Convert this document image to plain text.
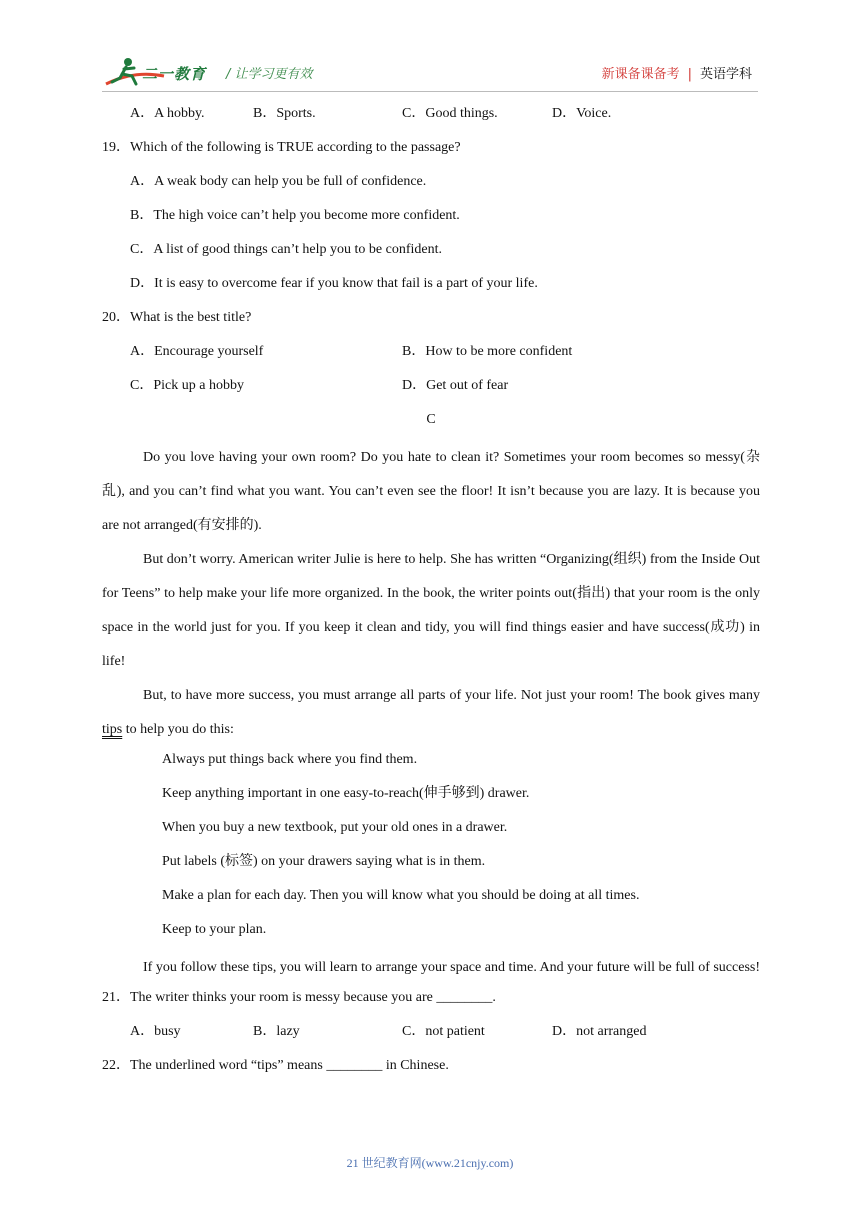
二一教育 / 让学习更有效	新课备课备考 | 英语学科
A．A hobby.	B．Sports.	C．Good things.	D．Voice.
19．Which of the following is TRUE according to the passage?
A．A weak body can help you be full of confidence.
B．The high voice can’t help you become more confident.
C．A list of good things can’t help you to be confident.
D．It is easy to overcome fear if you know that fail is a part of your life.
20．What is the best title?
A．Encourage yourself	B．How to be more confident
C．Pick up a hobby	D．Get out of fear
C

Do you love having your own room? Do you hate to clean it? Sometimes your room becomes so messy(杂乱), and you can’t find what you want. You can’t even see the floor! It isn’t because you are lazy. It is because you are not arranged(有安排的).

But don’t worry. American writer Julie is here to help. She has written “Organizing(组织) from the Inside Out for Teens” to help make your life more organized. In the book, the writer points out(指出) that your room is the only space in the world just for you. If you keep it clean and tidy, you will find things easier and have success(成功) in life!

But, to have more success, you must arrange all parts of your life. Not just your room! The book gives many tips to help you do this:

Always put things back where you find them.
Keep anything important in one easy-to-reach(伸手够到) drawer.
When you buy a new textbook, put your old ones in a drawer.
Put labels (标签) on your drawers saying what is in them.
Make a plan for each day. Then you will know what you should be doing at all times.
Keep to your plan.

If you follow these tips, you will learn to arrange your space and time. And your future will be full of success!

21．The writer thinks your room is messy because you are ________.
A．busy	B．lazy	C．not patient	D．not arranged
22．The underlined word “tips” means ________ in Chinese.
21 世纪教育网(www.21cnjy.com)
